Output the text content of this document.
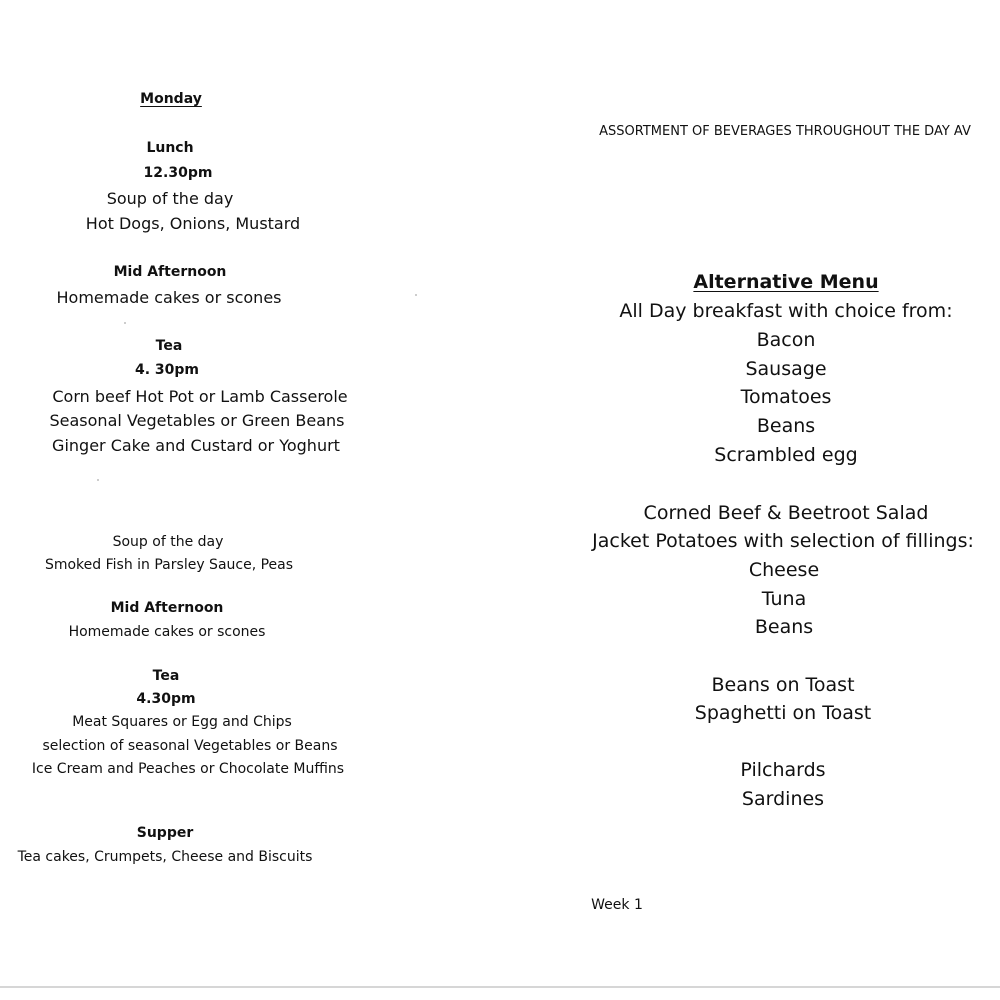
Monday
Lunch
12.30pm
Soup of the day
Hot Dogs, Onions, Mustard
Mid Afternoon
Homemade cakes or scones
Tea
4. 30pm
Corn beef Hot Pot or Lamb Casserole
Seasonal Vegetables or Green Beans
Ginger Cake and Custard or Yoghurt
Soup of the day
Smoked Fish in Parsley Sauce, Peas
Mid Afternoon
Homemade cakes or scones
Tea
4.30pm
Meat Squares or Egg and Chips
selection of seasonal Vegetables or Beans
Ice Cream and Peaches or Chocolate Muffins
Supper
Tea cakes, Crumpets, Cheese and Biscuits
ASSORTMENT OF BEVERAGES THROUGHOUT THE DAY AV
Alternative Menu
All Day breakfast with choice from:
Bacon
Sausage
Tomatoes
Beans
Scrambled egg
Corned Beef & Beetroot Salad
Jacket Potatoes with selection of fillings:
Cheese
Tuna
Beans
Beans on Toast
Spaghetti on Toast
Pilchards
Sardines
Week 1
